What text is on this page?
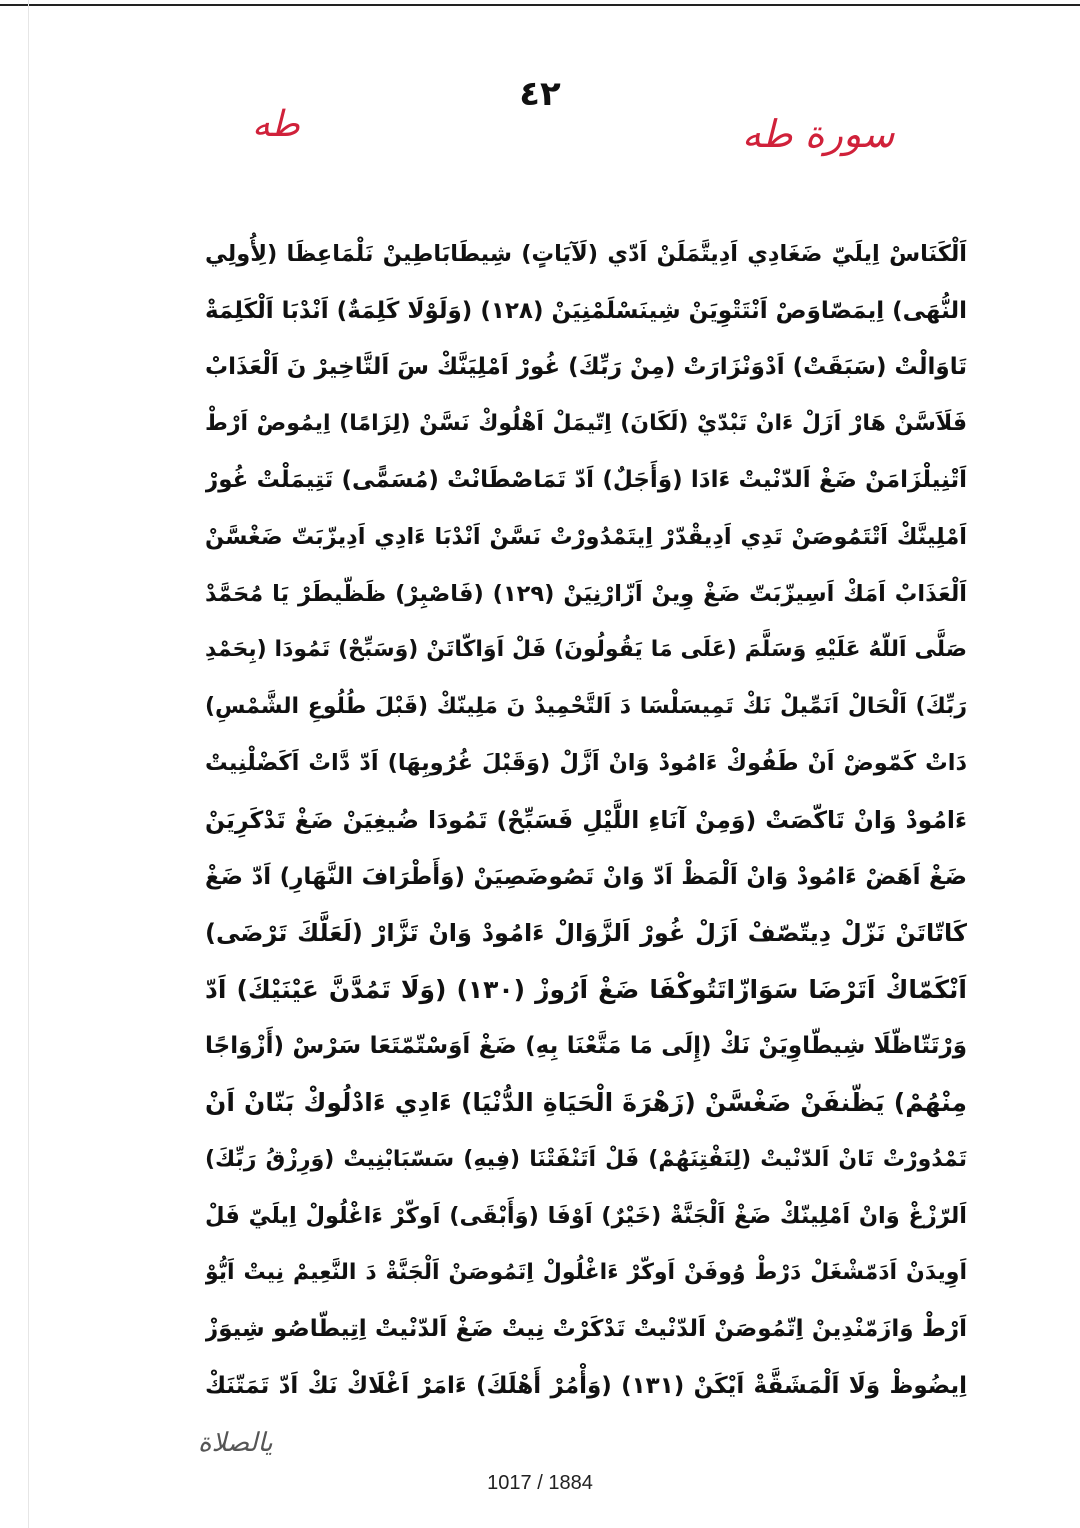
٤٢
طه	سورة طه
اَلْكَنَاسْ اِيلَيّ ضَغَادِي اَدِيتَّمَلَنْ اَدّي (لَآيَاتٍ) شِيطَابَاطِينْ نَلْمَاعِظَا (لِأُولِي
النُّهَى) اِيمَصّاوَصْ اَنْتَتْوِيَنْ شِينَسْلَمْنِيَنْ (١٢٨) (وَلَوْلَا كَلِمَةٌ) اَنْدْبَا اَلْكَلِمَةْ
تَاوَالْتْ (سَبَقَتْ) اَدْوَنْزَارَتْ (مِنْ رَبِّكَ) غُورْ اَمْلِيَنَّكْ سَ اَلتَّاخِيرْ نَ اَلْعَذَابْ
فَلَاَسَّنْ هَارْ اَزَلْ ءَانْ تَبْدّيْ (لَكَانَ) اِتّيمَلْ اَهْلُوكْ نَسَّنْ (لِزَامًا) اِيمُوصْ اَرْطْ
اَتْنِيلْزَامَنْ ضَغْ اَلدّنْيتْ ءَادَا (وَأَجَلٌ) اَدّ تَمَاصْطَانْتْ (مُسَمًّى) تَتِيمَلْتْ غُورْ
اَمْلِينَّكْ اَتْتَمُوصَنْ تَدِي اَدِيقْدّرْ اِيتَمْدُورْتْ نَسَّنْ اَنْدْبَا ءَادِي اَدِيزّبَتّ ضَغْسَّنْ
اَلْعَذَابْ اَمَكْ اَسِيزّبَتّ ضَغْ وِينْ اَزّارْنِيَنْ (١٢٩) (فَاصْبِرْ) ظَظّيطَرْ يَا مُحَمَّدْ
صَلَّى اَللّهُ عَلَيْهِ وَسَلَّمَ (عَلَى مَا يَقُولُونَ) فَلْ اَوَاكّاتَنْ (وَسَبِّحْ) تَمُودَا (بِحَمْدِ
رَبِّكَ) اَلْحَالْ اَنَمِّيلْ نَكْ تَمِيسَلْسَا دَ اَلتَّحْمِيدْ نَ مَلِينّكْ (قَبْلَ طُلُوعِ الشَّمْسِ)
دَاتْ كَمّوضْ اَنْ طَفُوكْ ءَامُودْ وَانْ اَزَّلْ (وَقَبْلَ غُرُوبِهَا) اَدّ دَّاتْ اَكَضْلْنِيتْ
ءَامُودْ وَانْ تَاكّصَتْ (وَمِنْ آنَاءِ اللَّيْلِ فَسَبِّحْ) تَمُودَا ضُيغِيَنْ ضَغْ تَدْكَرِيَنْ
ضَغْ اَهَضْ ءَامُودْ وَانْ اَلْمَظْ اَدّ وَانْ تَصُوضَصِيَنْ (وَأَطْرَافَ النَّهَارِ) اَدّ ضَغْ
كَاتّاتَنْ نَزّلْ دِيتّصّفْ اَزَلْ غُورْ اَلزَّوَالْ ءَامُودْ وَانْ تَزَّارْ (لَعَلَّكَ تَرْضَى)
اَنْكَمّاكْ اَتَرْضَا سَوَازّاتَتُوكْفَا ضَغْ اَرُوزْ (١٣٠) (وَلَا تَمُدَّنَّ عَيْنَيْكَ) اَدّ
وَرْتَتّاظّلَا شِيطّاوِيَنْ نَكْ (إِلَى مَا مَتَّعْنَا بِهِ) ضَغْ اَوَسْتّمّتَعَا سَرْسْ (أَزْوَاجًا
مِنْهُمْ) يَظّنفَنْ ضَغْسَّنْ (زَهْرَةَ الْحَيَاةِ الدُّنْيَا) ءَادِي ءَادْلُوكْ بَنّانْ اَنْ
تَمْدُورْتْ تَانْ اَلدّنْيتْ (لِنَفْتِنَهُمْ) فَلْ اَتَنْفَتْنَا (فِيهِ) سَسّبَابْنِيتْ (وَرِزْقُ رَبِّكَ)
اَلرّزْغْ وَانْ اَمْلِينّكْ ضَغْ اَلْجَنَّةْ (خَيْرٌ) اَوْفَا (وَأَبْقَى) اَوكّرْ ءَاغْلُولْ اِيلَيّ فَلْ
اَوِيدَنْ اَدَمّشْغَلْ دَرْطْ وُوفَنْ اَوكّرْ ءَاغْلُولْ اِتَمُوصَنْ اَلْجَنَّةْ دَ النَّعِيمْ نِيتْ اَيُّوْ
اَرْطْ وَازَمّنْدِينْ اِتّمُوصَنْ اَلدّنْيتْ تَدْكَرْتْ نِيتْ ضَغْ اَلدّنْيتْ اِتِيطّاصُو شِيوَزْ
اِيضُوظْ وَلَا اَلْمَشَقَّةْ اَيْكَنْ (١٣١) (وَأْمُرْ أَهْلَكَ) ءَامَرْ اَغْلَاكْ نَكْ اَدّ تَمَتّنَكْ
يالصلاة
1017 / 1884
